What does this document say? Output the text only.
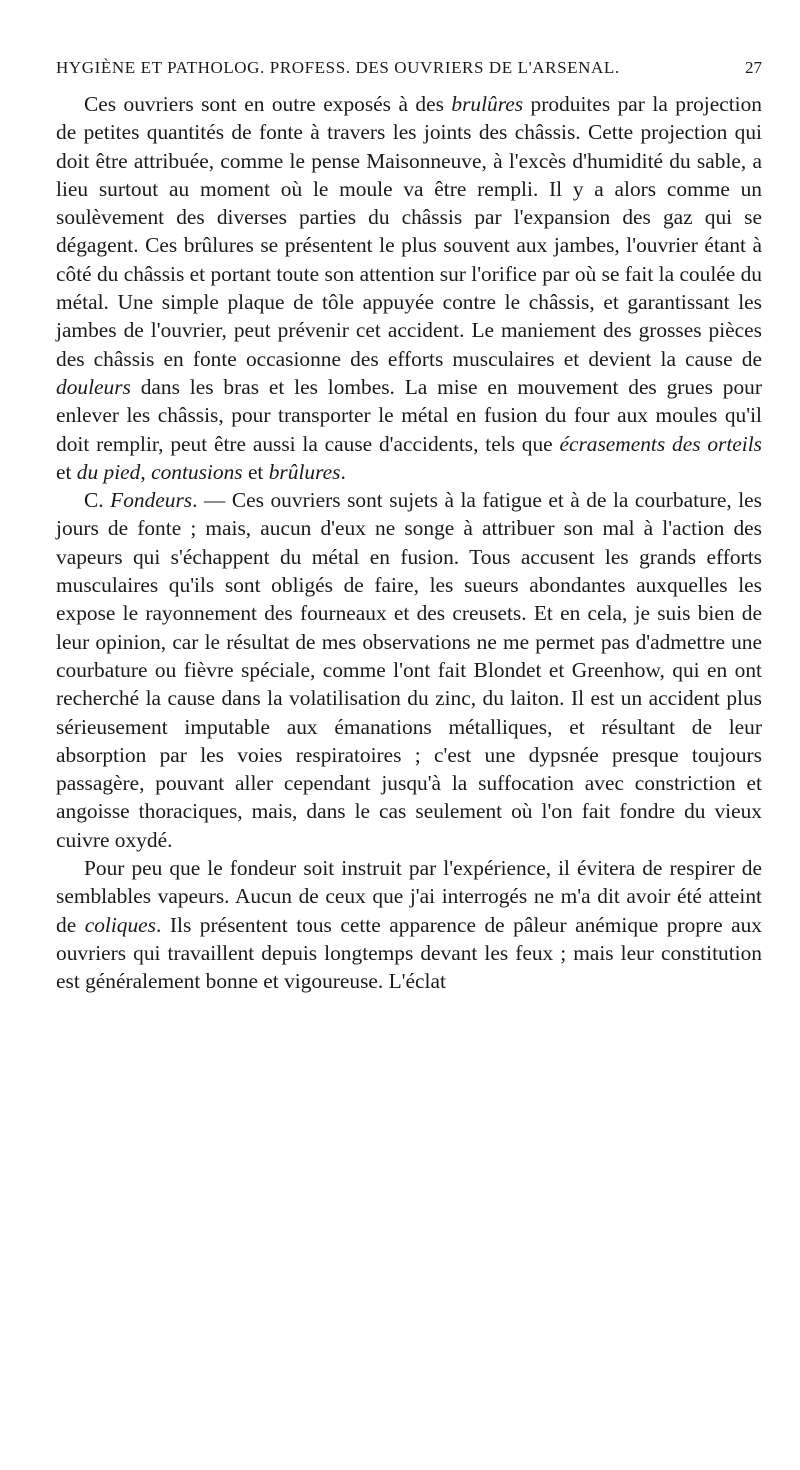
HYGIÈNE ET PATHOLOG. PROFESS. DES OUVRIERS DE L'ARSENAL.	27

Ces ouvriers sont en outre exposés à des brulûres produites par la projection de petites quantités de fonte à travers les joints des châssis. Cette projection qui doit être attribuée, comme le pense Maisonneuve, à l'excès d'humidité du sable, a lieu surtout au moment où le moule va être rempli. Il y a alors comme un soulèvement des diverses parties du châssis par l'expansion des gaz qui se dégagent. Ces brûlures se présentent le plus souvent aux jambes, l'ouvrier étant à côté du châssis et portant toute son attention sur l'orifice par où se fait la coulée du métal. Une simple plaque de tôle appuyée contre le châssis, et garantissant les jambes de l'ouvrier, peut prévenir cet accident. Le maniement des grosses pièces des châssis en fonte occasionne des efforts musculaires et devient la cause de douleurs dans les bras et les lombes. La mise en mouvement des grues pour enlever les châssis, pour transporter le métal en fusion du four aux moules qu'il doit remplir, peut être aussi la cause d'accidents, tels que écrasements des orteils et du pied, contusions et brûlures.

C. Fondeurs. — Ces ouvriers sont sujets à la fatigue et à de la courbature, les jours de fonte ; mais, aucun d'eux ne songe à attribuer son mal à l'action des vapeurs qui s'échappent du métal en fusion. Tous accusent les grands efforts musculaires qu'ils sont obligés de faire, les sueurs abondantes auxquelles les expose le rayonnement des fourneaux et des creusets. Et en cela, je suis bien de leur opinion, car le résultat de mes observations ne me permet pas d'admettre une courbature ou fièvre spéciale, comme l'ont fait Blondet et Greenhow, qui en ont recherché la cause dans la volatilisation du zinc, du laiton. Il est un accident plus sérieusement imputable aux émanations métalliques, et résultant de leur absorption par les voies respiratoires ; c'est une dypsnée presque toujours passagère, pouvant aller cependant jusqu'à la suffocation avec constriction et angoisse thoraciques, mais, dans le cas seulement où l'on fait fondre du vieux cuivre oxydé.

Pour peu que le fondeur soit instruit par l'expérience, il évitera de respirer de semblables vapeurs. Aucun de ceux que j'ai interrogés ne m'a dit avoir été atteint de coliques. Ils présentent tous cette apparence de pâleur anémique propre aux ouvriers qui travaillent depuis longtemps devant les feux ; mais leur constitution est généralement bonne et vigoureuse. L'éclat
